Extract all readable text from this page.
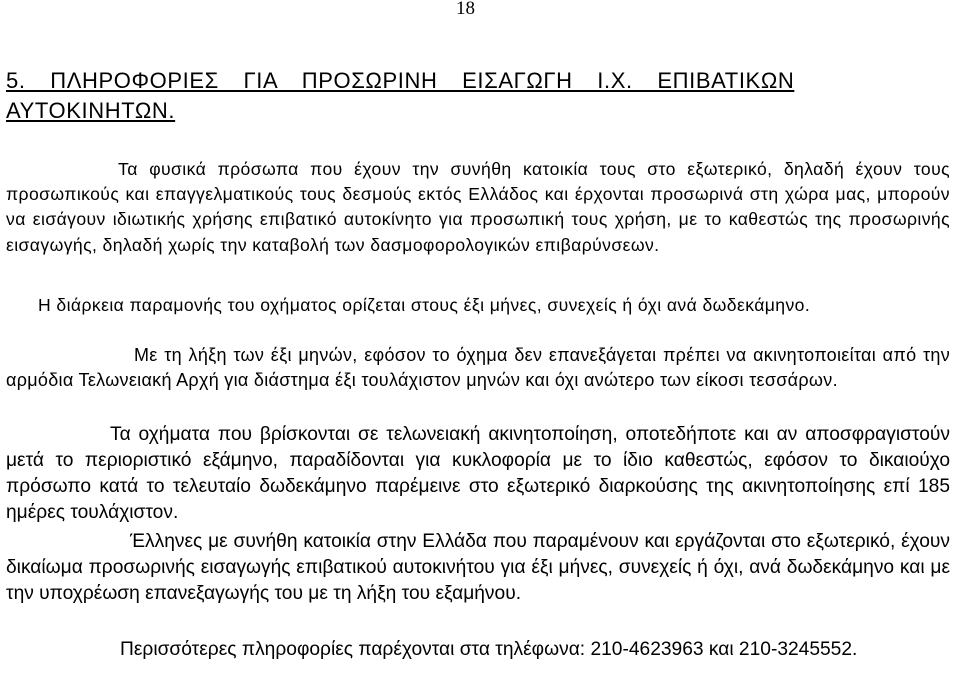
18
5. ΠΛΗΡΟΦΟΡΙΕΣ ΓΙΑ ΠΡΟΣΩΡΙΝΗ ΕΙΣΑΓΩΓΗ Ι.Χ. ΕΠΙΒΑΤΙΚΩΝ ΑΥΤΟΚΙΝΗΤΩΝ.

Τα φυσικά πρόσωπα που έχουν την συνήθη κατοικία τους στο εξωτερικό, δηλαδή έχουν τους προσωπικούς και επαγγελματικούς τους δεσμούς εκτός Ελλάδος και έρχονται προσωρινά στη χώρα μας, μπορούν να εισάγουν ιδιωτικής χρήσης επιβατικό αυτοκίνητο για προσωπική τους χρήση, με το καθεστώς της προσωρινής εισαγωγής, δηλαδή χωρίς την καταβολή των δασμοφορολογικών επιβαρύνσεων.

Η διάρκεια παραμονής του οχήματος ορίζεται στους έξι μήνες, συνεχείς ή όχι ανά δωδεκάμηνο.

Με τη λήξη των έξι μηνών, εφόσον το όχημα δεν επανεξάγεται πρέπει να ακινητοποιείται από την αρμόδια Τελωνειακή Αρχή για διάστημα έξι τουλάχιστον μηνών και όχι ανώτερο των είκοσι τεσσάρων.

Τα οχήματα που βρίσκονται σε τελωνειακή ακινητοποίηση, οποτεδήποτε και αν αποσφραγιστούν μετά το περιοριστικό εξάμηνο, παραδίδονται για κυκλοφορία με το ίδιο καθεστώς, εφόσον το δικαιούχο πρόσωπο κατά το τελευταίο δωδεκάμηνο παρέμεινε στο εξωτερικό διαρκούσης της ακινητοποίησης επί 185 ημέρες τουλάχιστον.

Έλληνες με συνήθη κατοικία στην Ελλάδα που παραμένουν και εργάζονται στο εξωτερικό, έχουν δικαίωμα προσωρινής εισαγωγής επιβατικού αυτοκινήτου για έξι μήνες, συνεχείς ή όχι, ανά δωδεκάμηνο και με την υποχρέωση επανεξαγωγής του με τη λήξη του εξαμήνου.

Περισσότερες πληροφορίες παρέχονται στα τηλέφωνα: 210-4623963 και 210-3245552.
